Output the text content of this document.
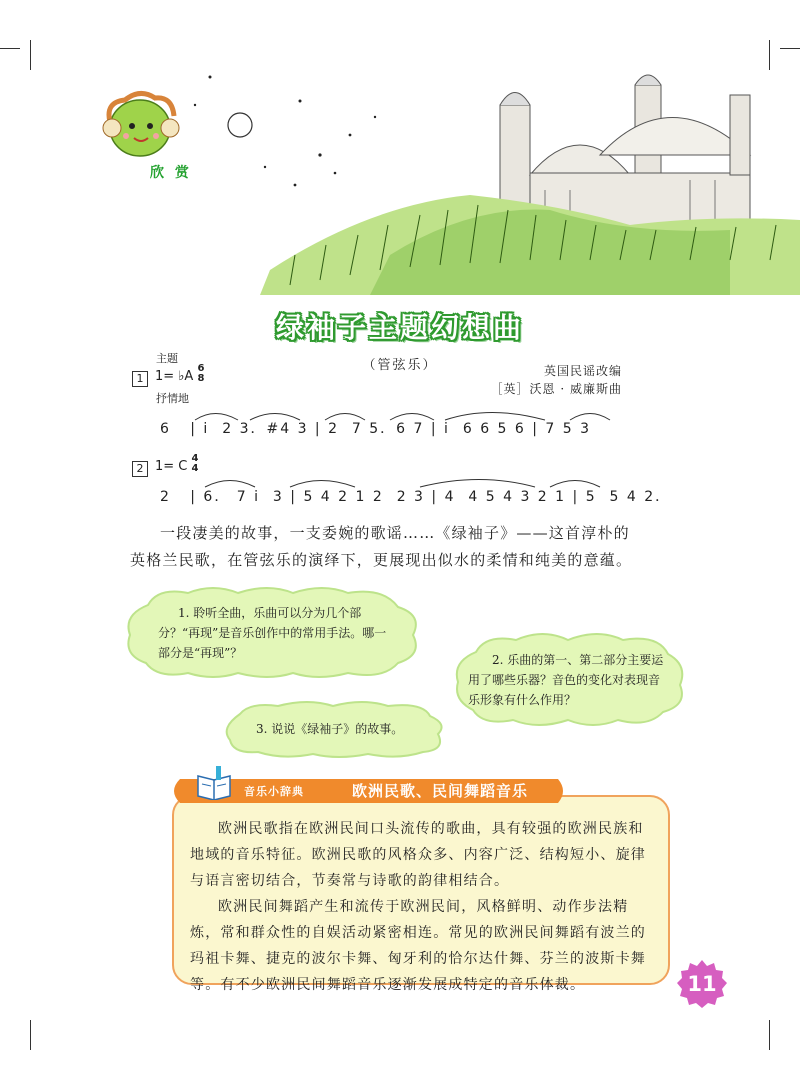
欣 赏
绿袖子主题幻想曲
（管弦乐）	英国民谣改编
［英］沃恩 · 威廉斯曲
主题
1 1= ♭A
6
8
抒情地
6   | i  2 3．#4 3 | 2  7 5．6 7 | i  6 6 5 6 | 7 5 3
2 1= C
4
4
2   | 6． 7 i  3 | 5 4 2 1 2  2 3 | 4  4 5 4 3 2 1 | 5  5 4 2．
一段凄美的故事，一支委婉的歌谣……《绿袖子》——这首淳朴的英格兰民歌，在管弦乐的演绎下，更展现出似水的柔情和纯美的意蕴。
1. 聆听全曲，乐曲可以分为几个部分？“再现”是音乐创作中的常用手法。哪一部分是“再现”？	2. 乐曲的第一、第二部分主要运用了哪些乐器？音色的变化对表现音乐形象有什么作用？
3. 说说《绿袖子》的故事。
音乐小辞典	欧洲民歌、民间舞蹈音乐
欧洲民歌指在欧洲民间口头流传的歌曲，具有较强的欧洲民族和地域的音乐特征。欧洲民歌的风格众多、内容广泛、结构短小、旋律与语言密切结合，节奏常与诗歌的韵律相结合。
欧洲民间舞蹈产生和流传于欧洲民间，风格鲜明、动作步法精炼，常和群众性的自娱活动紧密相连。常见的欧洲民间舞蹈有波兰的玛祖卡舞、捷克的波尔卡舞、匈牙利的恰尔达什舞、芬兰的波斯卡舞等。有不少欧洲民间舞蹈音乐逐渐发展成特定的音乐体裁。	11
